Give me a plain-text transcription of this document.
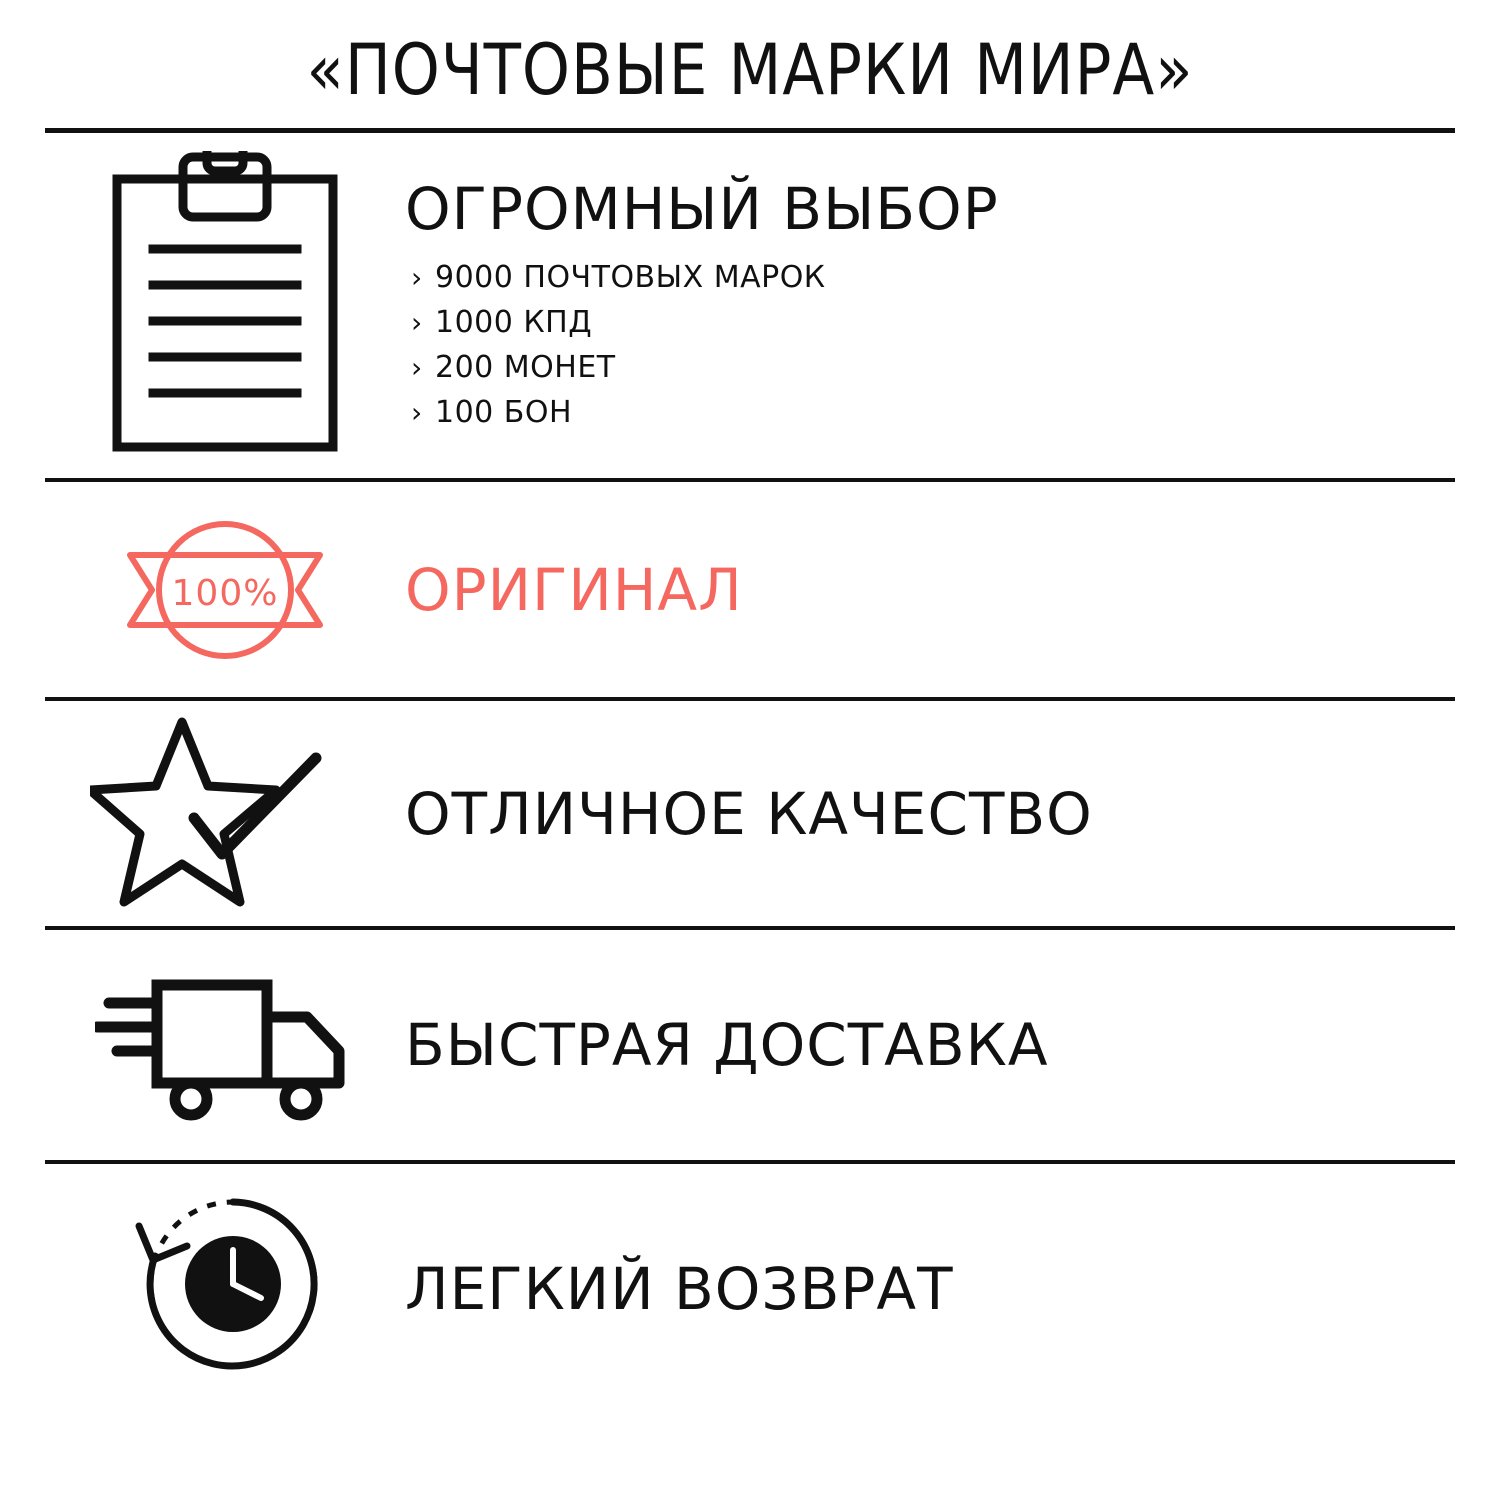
«ПОЧТОВЫЕ МАРКИ МИРА»
ОГРОМНЫЙ ВЫБОР
› 9000 ПОЧТОВЫХ МАРОК
› 1000 КПД
› 200 МОНЕТ
› 100 БОН
100% ОРИГИНАЛ
ОТЛИЧНОЕ КАЧЕСТВО
БЫСТРАЯ ДОСТАВКА
ЛЕГКИЙ ВОЗВРАТ
